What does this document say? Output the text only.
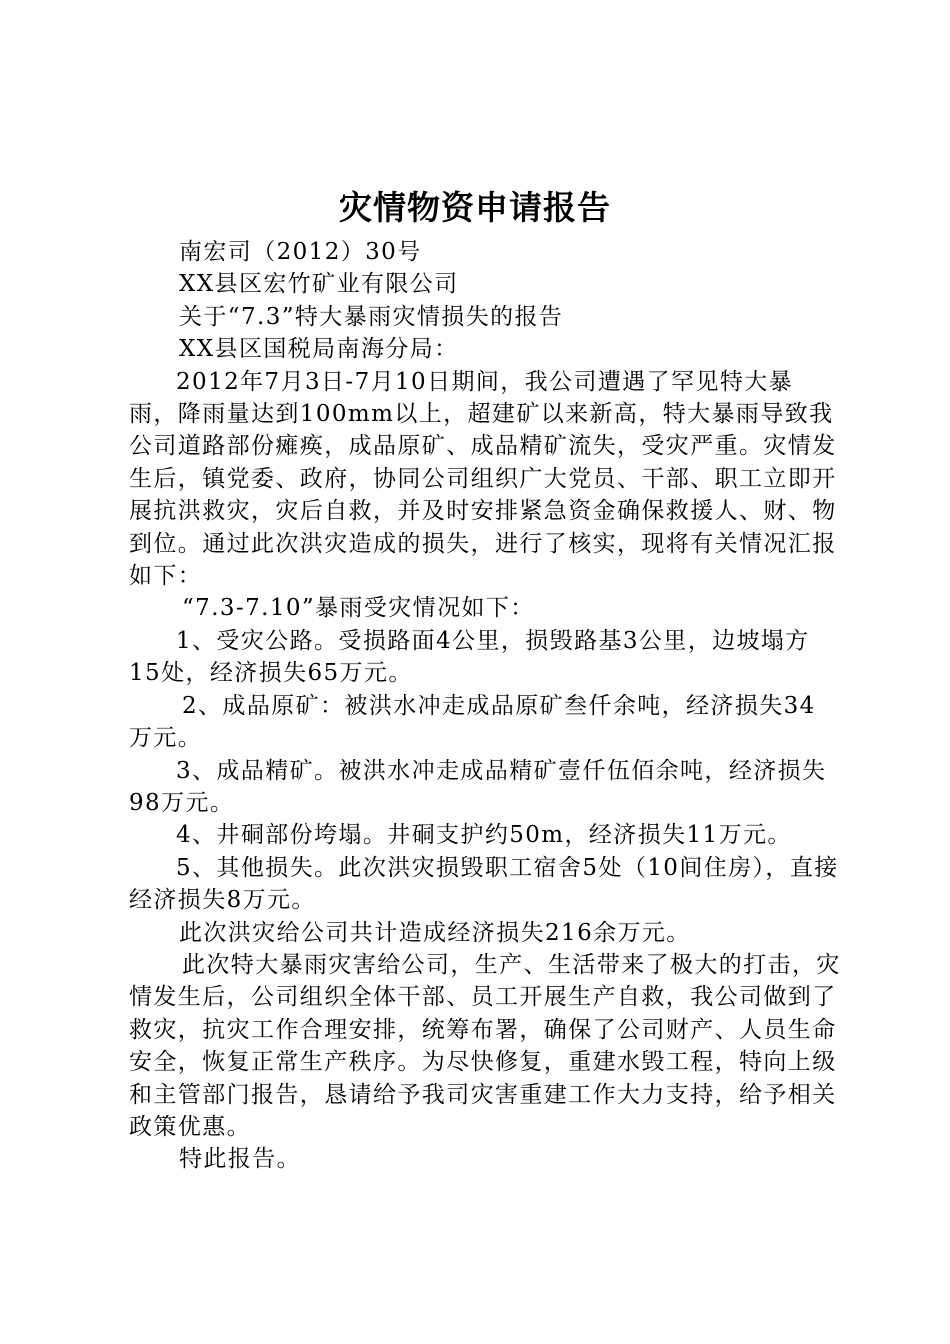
灾情物资申请报告

南宏司（2012）30号

XX县区宏竹矿业有限公司

关于“7.3”特大暴雨灾情损失的报告

XX县区国税局南海分局：

2012年7月3日-7月10日期间，我公司遭遇了罕见特大暴雨，降雨量达到100mm以上，超建矿以来新高，特大暴雨导致我公司道路部份瘫痪，成品原矿、成品精矿流失，受灾严重。灾情发生后，镇党委、政府，协同公司组织广大党员、干部、职工立即开展抗洪救灾，灾后自救，并及时安排紧急资金确保救援人、财、物到位。通过此次洪灾造成的损失，进行了核实，现将有关情况汇报如下：

“7.3-7.10”暴雨受灾情况如下：

1、受灾公路。受损路面4公里，损毁路基3公里，边坡塌方15处，经济损失65万元。

2、成品原矿：被洪水冲走成品原矿叁仟余吨，经济损失34

万元。

3、成品精矿。被洪水冲走成品精矿壹仟伍佰余吨，经济损失98万元。

4、井硐部份垮塌。井硐支护约50m，经济损失11万元。

5、其他损失。此次洪灾损毁职工宿舍5处（10间住房），直接经济损失8万元。

此次洪灾给公司共计造成经济损失216余万元。

此次特大暴雨灾害给公司，生产、生活带来了极大的打击，灾情发生后，公司组织全体干部、员工开展生产自救，我公司做到了救灾，抗灾工作合理安排，统筹布署，确保了公司财产、人员生命安全，恢复正常生产秩序。为尽快修复，重建水毁工程，特向上级和主管部门报告，恳请给予我司灾害重建工作大力支持，给予相关政策优惠。

特此报告。
